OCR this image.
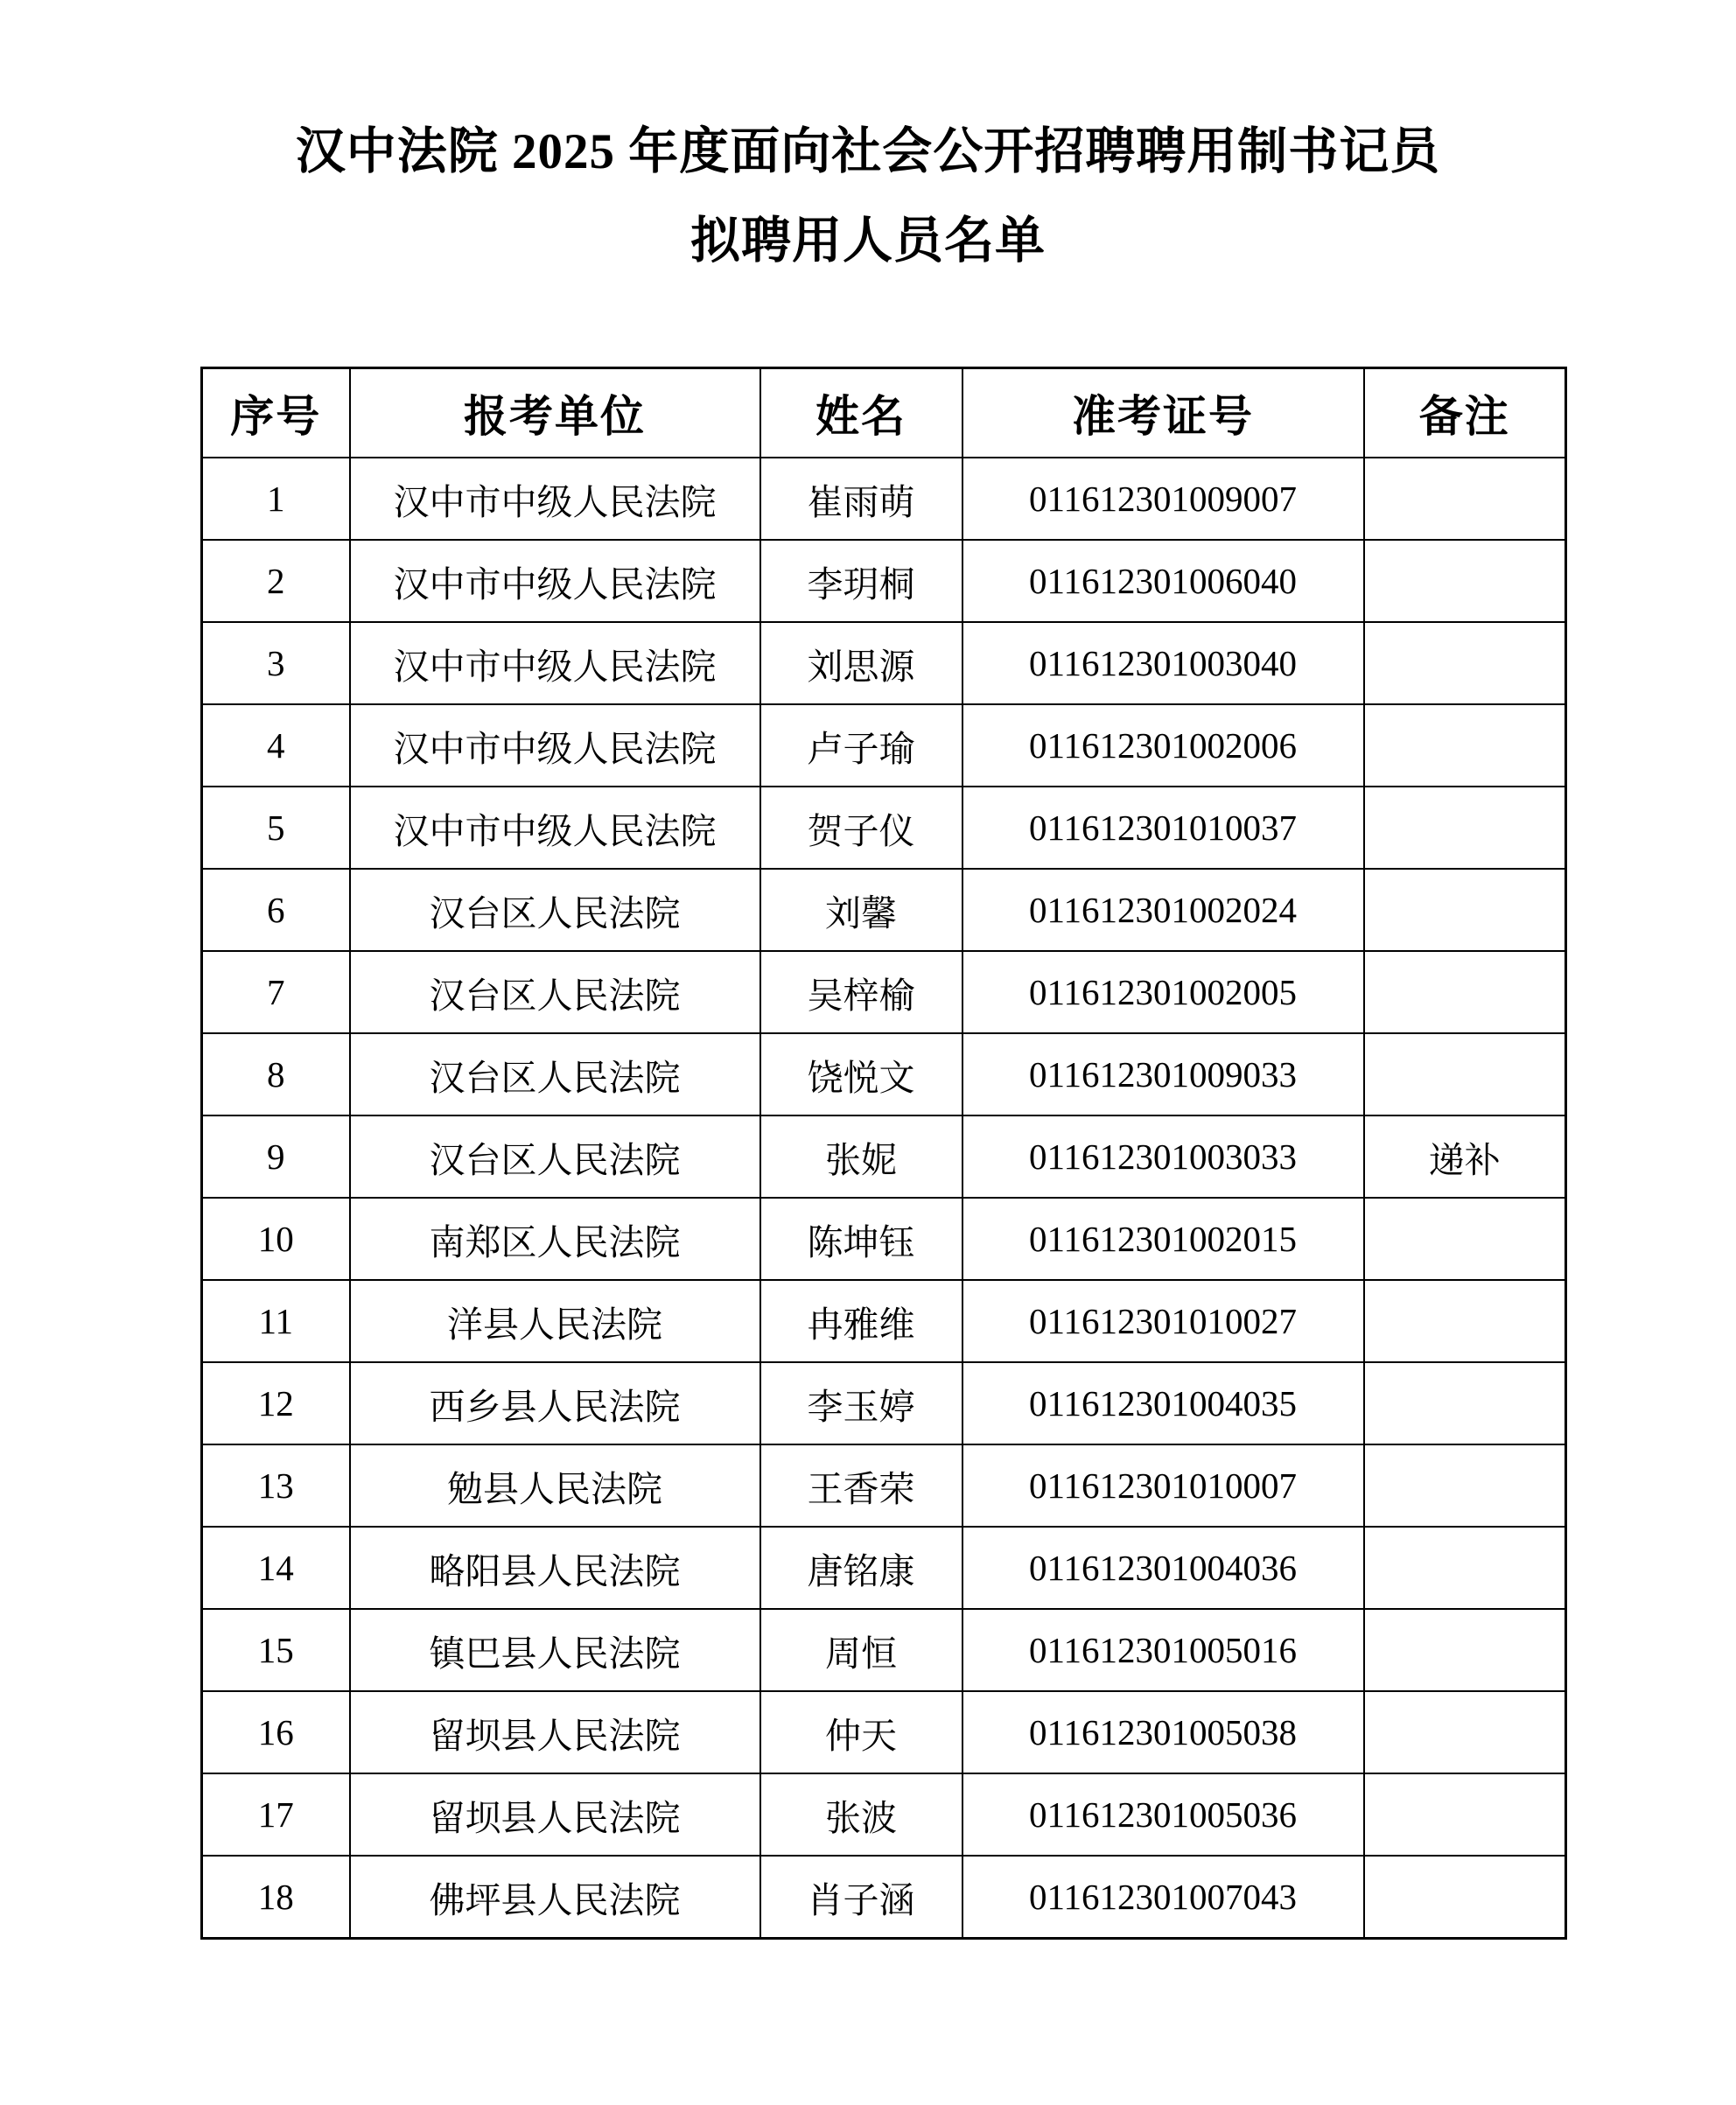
汉中法院 2025 年度面向社会公开招聘聘用制书记员
拟聘用人员名单
序号	报考单位	姓名	准考证号	备注
1	汉中市中级人民法院	崔雨萌	011612301009007	
2	汉中市中级人民法院	李玥桐	011612301006040	
3	汉中市中级人民法院	刘思源	011612301003040	
4	汉中市中级人民法院	卢子瑜	011612301002006	
5	汉中市中级人民法院	贺子仪	011612301010037	
6	汉台区人民法院	刘馨	011612301002024	
7	汉台区人民法院	吴梓榆	011612301002005	
8	汉台区人民法院	饶悦文	011612301009033	
9	汉台区人民法院	张妮	011612301003033	递补
10	南郑区人民法院	陈坤钰	011612301002015	
11	洋县人民法院	冉雅维	011612301010027	
12	西乡县人民法院	李玉婷	011612301004035	
13	勉县人民法院	王香荣	011612301010007	
14	略阳县人民法院	唐铭康	011612301004036	
15	镇巴县人民法院	周恒	011612301005016	
16	留坝县人民法院	仲天	011612301005038	
17	留坝县人民法院	张波	011612301005036	
18	佛坪县人民法院	肖子涵	011612301007043	
